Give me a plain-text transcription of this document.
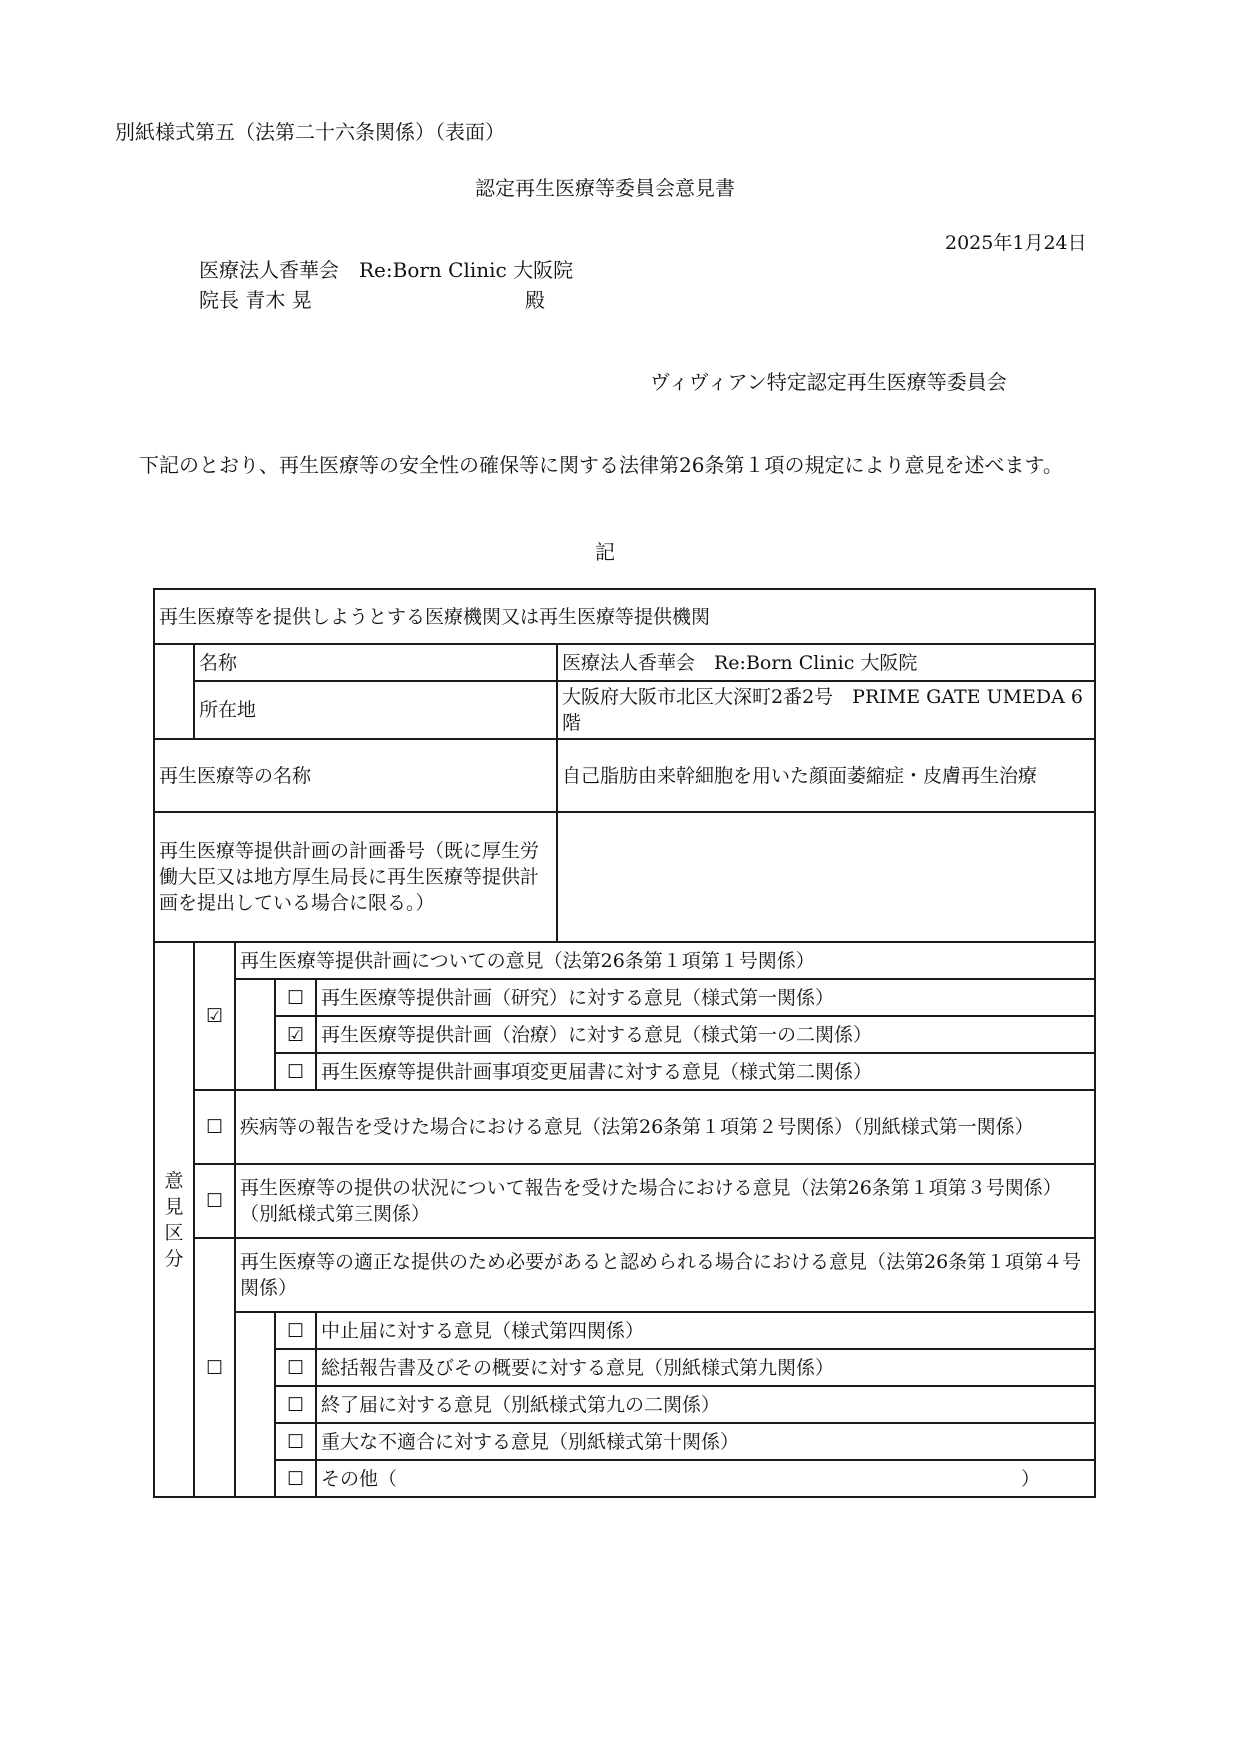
別紙様式第五（法第二十六条関係）（表面）
認定再生医療等委員会意見書
2025年1月24日
医療法人香華会　Re:Born Clinic 大阪院
院長 青木 晃	殿
ヴィヴィアン特定認定再生医療等委員会
下記のとおり、再生医療等の安全性の確保等に関する法律第26条第１項の規定により意見を述べます。
記
再生医療等を提供しようとする医療機関又は再生医療等提供機関					
	名称				医療法人香華会　Re:Born Clinic 大阪院
	所在地				大阪府大阪市北区大深町2番2号　PRIME GATE UMEDA 6階
再生医療等の名称					自己脂肪由来幹細胞を用いた顔面萎縮症・皮膚再生治療
再生医療等提供計画の計画番号（既に厚生労働大臣又は地方厚生局長に再生医療等提供計画を提出している場合に限る。）					

意
見
区
分	☑	再生医療等提供計画についての意見（法第26条第１項第１号関係）			
			☐	再生医療等提供計画（研究）に対する意見（様式第一関係）	
			☑	再生医療等提供計画（治療）に対する意見（様式第一の二関係）	
			☐	再生医療等提供計画事項変更届書に対する意見（様式第二関係）	
	☐	疾病等の報告を受けた場合における意見（法第26条第１項第２号関係）（別紙様式第一関係）			
	☐	再生医療等の提供の状況について報告を受けた場合における意見（法第26条第１項第３号関係）（別紙様式第三関係）			
	☐	再生医療等の適正な提供のため必要があると認められる場合における意見（法第26条第１項第４号関係）			
			☐	中止届に対する意見（様式第四関係）	
			☐	総括報告書及びその概要に対する意見（別紙様式第九関係）	
			☐	終了届に対する意見（別紙様式第九の二関係）	
			☐	重大な不適合に対する意見（別紙様式第十関係）	
			☐	その他（ ）	
